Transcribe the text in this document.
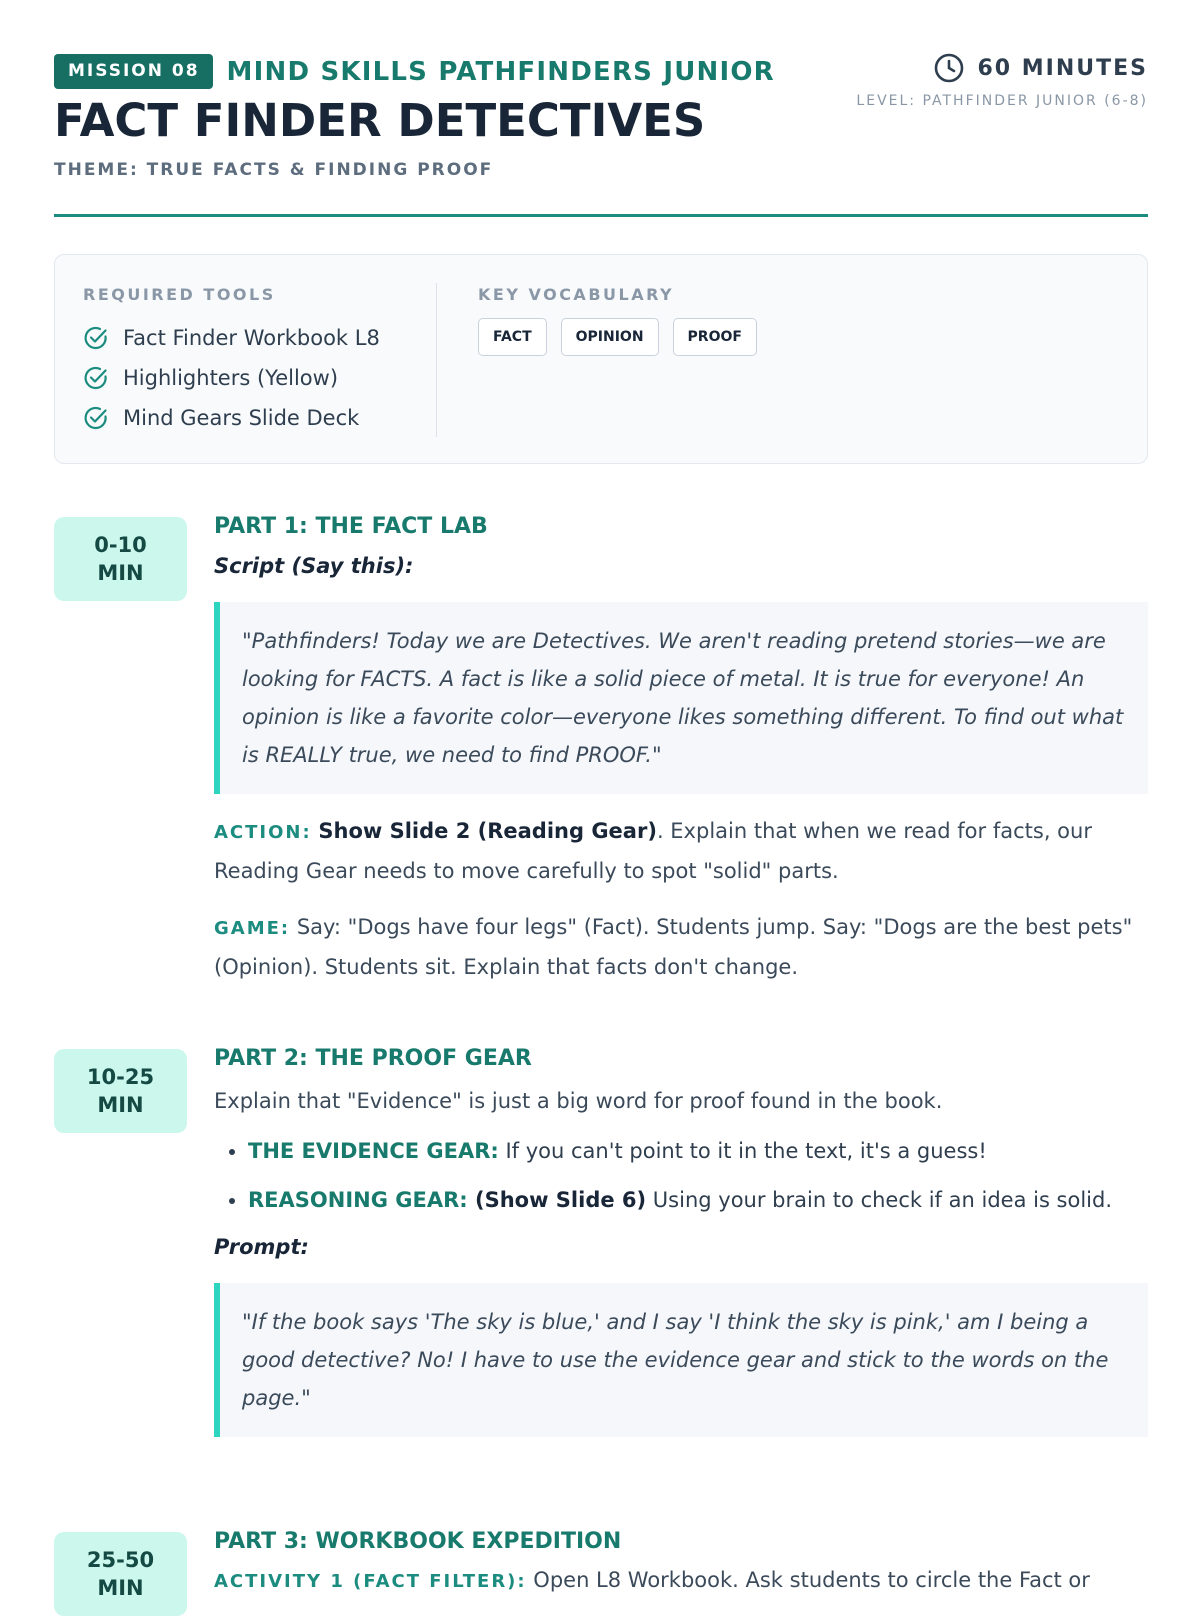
MISSION 08	MIND SKILLS PATHFINDERS JUNIOR
FACT FINDER DETECTIVES
THEME: TRUE FACTS & FINDING PROOF
60 MINUTES
LEVEL: PATHFINDER JUNIOR (6-8)
REQUIRED TOOLS
Fact Finder Workbook L8
Highlighters (Yellow)
Mind Gears Slide Deck
KEY VOCABULARY
FACT	OPINION	PROOF
0-10
MIN
PART 1: THE FACT LAB
Script (Say this):
"Pathfinders! Today we are Detectives. We aren't reading pretend stories—we are looking for FACTS. A fact is like a solid piece of metal. It is true for everyone! An opinion is like a favorite color—everyone likes something different. To find out what is REALLY true, we need to find PROOF."
ACTION: Show Slide 2 (Reading Gear). Explain that when we read for facts, our Reading Gear needs to move carefully to spot "solid" parts.
GAME: Say: "Dogs have four legs" (Fact). Students jump. Say: "Dogs are the best pets" (Opinion). Students sit. Explain that facts don't change.
10-25
MIN
PART 2: THE PROOF GEAR
Explain that "Evidence" is just a big word for proof found in the book.
• THE EVIDENCE GEAR: If you can't point to it in the text, it's a guess!
• REASONING GEAR: (Show Slide 6) Using your brain to check if an idea is solid.
Prompt:
"If the book says 'The sky is blue,' and I say 'I think the sky is pink,' am I being a good detective? No! I have to use the evidence gear and stick to the words on the page."
25-50
MIN
PART 3: WORKBOOK EXPEDITION
ACTIVITY 1 (FACT FILTER): Open L8 Workbook. Ask students to circle the Fact or
